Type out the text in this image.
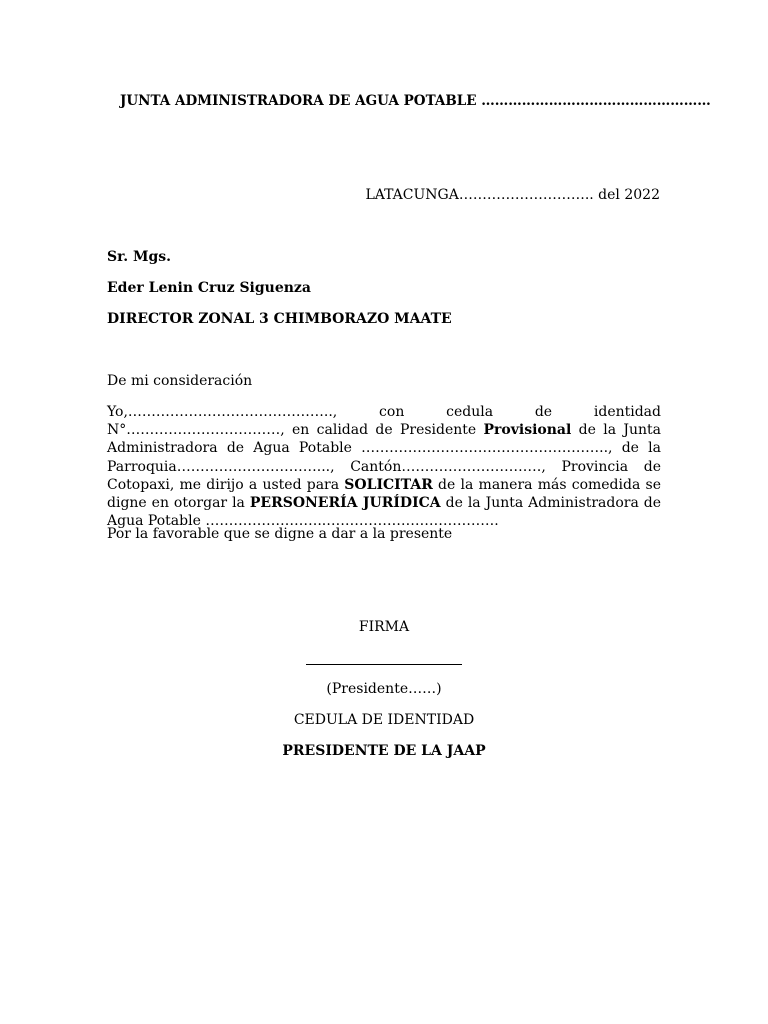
JUNTA ADMINISTRADORA DE AGUA POTABLE ……………………………………………
LATACUNGA……………………….. del 2022
Sr. Mgs.
Eder Lenin Cruz Siguenza
DIRECTOR ZONAL 3 CHIMBORAZO MAATE
De mi consideración
Yo,…………………………………….., con cedula de identidad N°……………………………, en calidad de Presidente Provisional de la Junta Administradora de Agua Potable …………………………………………….., de la Parroquia…………………………..., Cantón…………………………, Provincia de Cotopaxi, me dirijo a usted para SOLICITAR de la manera más comedida se digne en otorgar la PERSONERÍA JURÍDICA de la Junta Administradora de Agua Potable ……………………..……………………………….
Por la favorable que se digne a dar a la presente
FIRMA
(Presidente……)
CEDULA DE IDENTIDAD
PRESIDENTE DE LA JAAP
